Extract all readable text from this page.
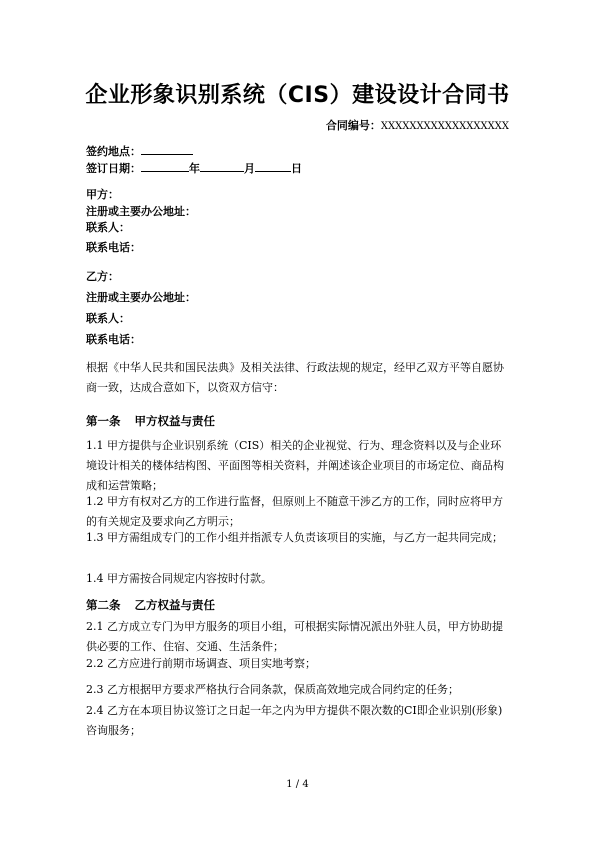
企业形象识别系统（CIS）建设设计合同书
合同编号：XXXXXXXXXXXXXXXXXX
签约地点：
签订日期：	年	月	日
甲方：
注册或主要办公地址：
联系人：
联系电话：
乙方：
注册或主要办公地址：
联系人：
联系电话：
根据《中华人民共和国民法典》及相关法律、行政法规的规定，经甲乙双方平等自愿协商一致，达成合意如下，以资双方信守：
第一条 甲方权益与责任
1.1 甲方提供与企业识别系统（CIS）相关的企业视觉、行为、理念资料以及与企业环境设计相关的楼体结构图、平面图等相关资料，并阐述该企业项目的市场定位、商品构成和运营策略；
1.2 甲方有权对乙方的工作进行监督，但原则上不随意干涉乙方的工作，同时应将甲方的有关规定及要求向乙方明示；
1.3 甲方需组成专门的工作小组并指派专人负责该项目的实施，与乙方一起共同完成；
1.4 甲方需按合同规定内容按时付款。
第二条 乙方权益与责任
2.1 乙方成立专门为甲方服务的项目小组，可根据实际情况派出外驻人员，甲方协助提供必要的工作、住宿、交通、生活条件；
2.2 乙方应进行前期市场调查、项目实地考察；
2.3 乙方根据甲方要求严格执行合同条款，保质高效地完成合同约定的任务；
2.4 乙方在本项目协议签订之日起一年之内为甲方提供不限次数的CI即企业识别(形象)咨询服务；
1 / 4
